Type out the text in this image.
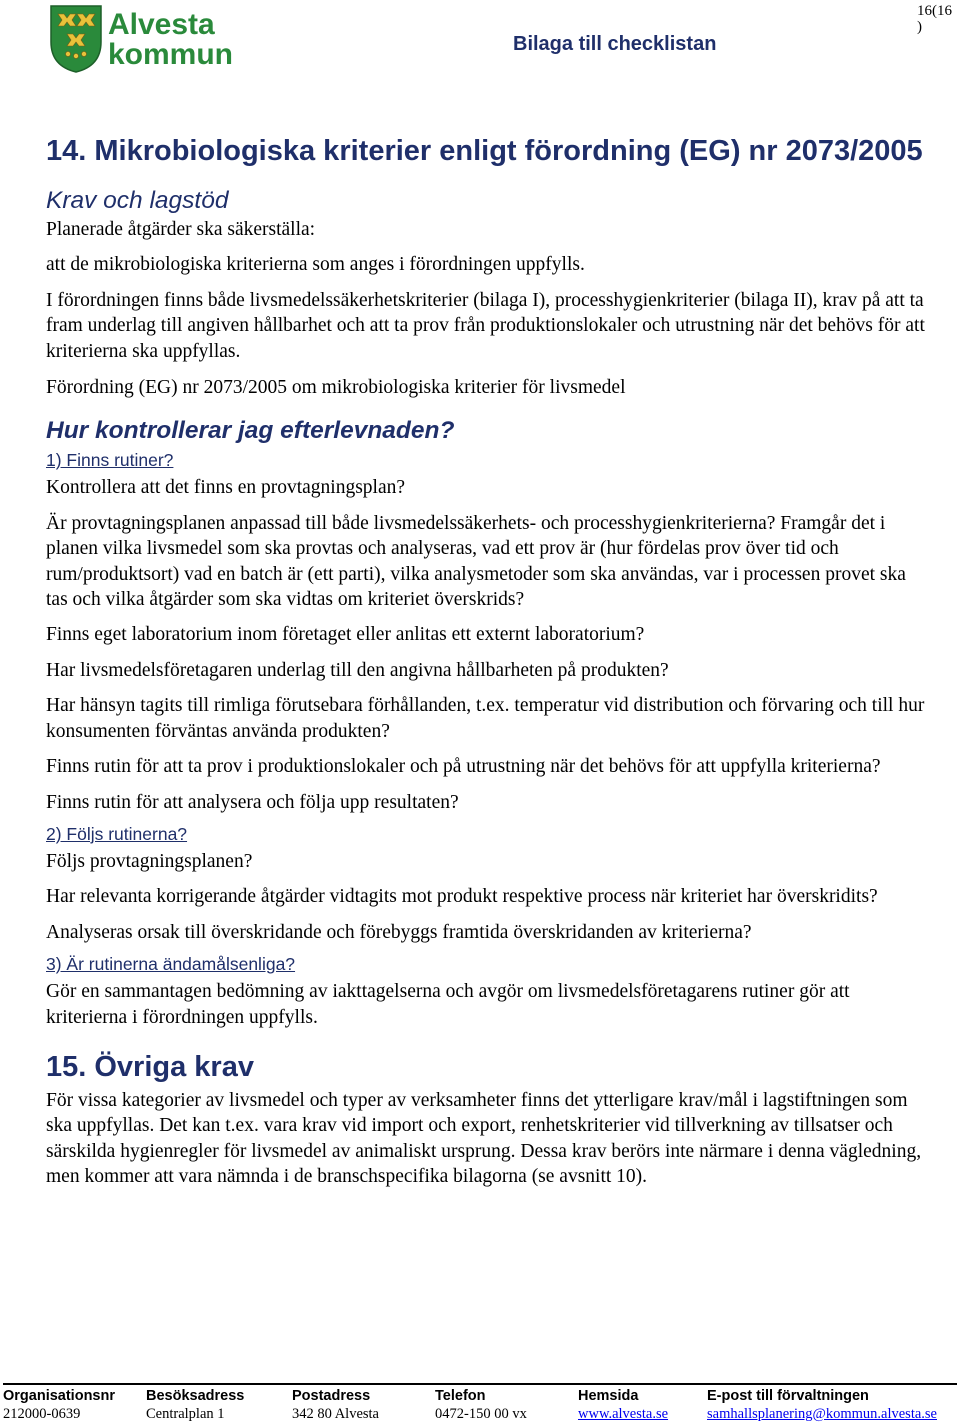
Alvesta
kommun	Bilaga till checklistan
16(16
)
14. Mikrobiologiska kriterier enligt förordning (EG) nr 2073/2005
Krav och lagstöd

Planerade åtgärder ska säkerställa:

att de mikrobiologiska kriterierna som anges i förordningen uppfylls.

I förordningen finns både livsmedelssäkerhetskriterier (bilaga I), processhygienkriterier (bilaga II), krav på att ta fram underlag till angiven hållbarhet och att ta prov från produktionslokaler och utrustning när det behövs för att kriterierna ska uppfyllas.

Förordning (EG) nr 2073/2005 om mikrobiologiska kriterier för livsmedel

Hur kontrollerar jag efterlevnaden?
1) Finns rutiner?

Kontrollera att det finns en provtagningsplan?

Är provtagningsplanen anpassad till både livsmedelssäkerhets- och processhygienkriterierna? Framgår det i planen vilka livsmedel som ska provtas och analyseras, vad ett prov är (hur fördelas prov över tid och rum/produktsort) vad en batch är (ett parti), vilka analysmetoder som ska användas, var i processen provet ska tas och vilka åtgärder som ska vidtas om kriteriet överskrids?

Finns eget laboratorium inom företaget eller anlitas ett externt laboratorium?

Har livsmedelsföretagaren underlag till den angivna hållbarheten på produkten?

Har hänsyn tagits till rimliga förutsebara förhållanden, t.ex. temperatur vid distribution och förvaring och till hur konsumenten förväntas använda produkten?

Finns rutin för att ta prov i produktionslokaler och på utrustning när det behövs för att uppfylla kriterierna?

Finns rutin för att analysera och följa upp resultaten?

2) Följs rutinerna?

Följs provtagningsplanen?

Har relevanta korrigerande åtgärder vidtagits mot produkt respektive process när kriteriet har överskridits?

Analyseras orsak till överskridande och förebyggs framtida överskridanden av kriterierna?

3) Är rutinerna ändamålsenliga?

Gör en sammantagen bedömning av iakttagelserna och avgör om livsmedelsföretagarens rutiner gör att kriterierna i förordningen uppfylls.

15. Övriga krav

För vissa kategorier av livsmedel och typer av verksamheter finns det ytterligare krav/mål i lagstiftningen som ska uppfyllas. Det kan t.ex. vara krav vid import och export, renhetskriterier vid tillverkning av tillsatser och särskilda hygienregler för livsmedel av animaliskt ursprung. Dessa krav berörs inte närmare i denna vägledning, men kommer att vara nämnda i de branschspecifika bilagorna (se avsnitt 10).

Organisationsnr
212000-0639
Besöksadress
Centralplan 1
Postadress
342 80 Alvesta
Telefon
0472-150 00 vx
Hemsida
www.alvesta.se
E-post till förvaltningen
samhallsplanering@kommun.alvesta.se
